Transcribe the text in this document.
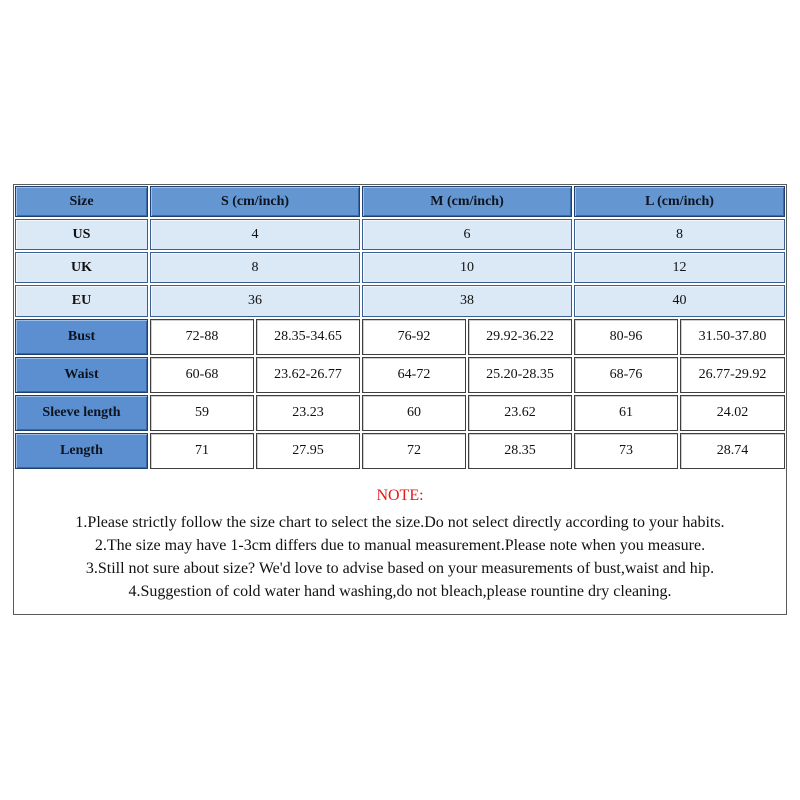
Size	S (cm/inch)	M (cm/inch)	L (cm/inch)
US	4	6	8
UK	8	10	12
EU	36	38	40
Bust	72-88	28.35-34.65	76-92	29.92-36.22	80-96	31.50-37.80
Waist	60-68	23.62-26.77	64-72	25.20-28.35	68-76	26.77-29.92
Sleeve length	59	23.23	60	23.62	61	24.02
Length	71	27.95	72	28.35	73	28.74
NOTE:
1.Please strictly follow the size chart to select the size.Do not select directly according to your habits.
2.The size may have 1-3cm differs due to manual measurement.Please note when you measure.
3.Still not sure about size? We'd love to advise based on your measurements of bust,waist and hip.
4.Suggestion of cold water hand washing,do not bleach,please rountine dry cleaning.
